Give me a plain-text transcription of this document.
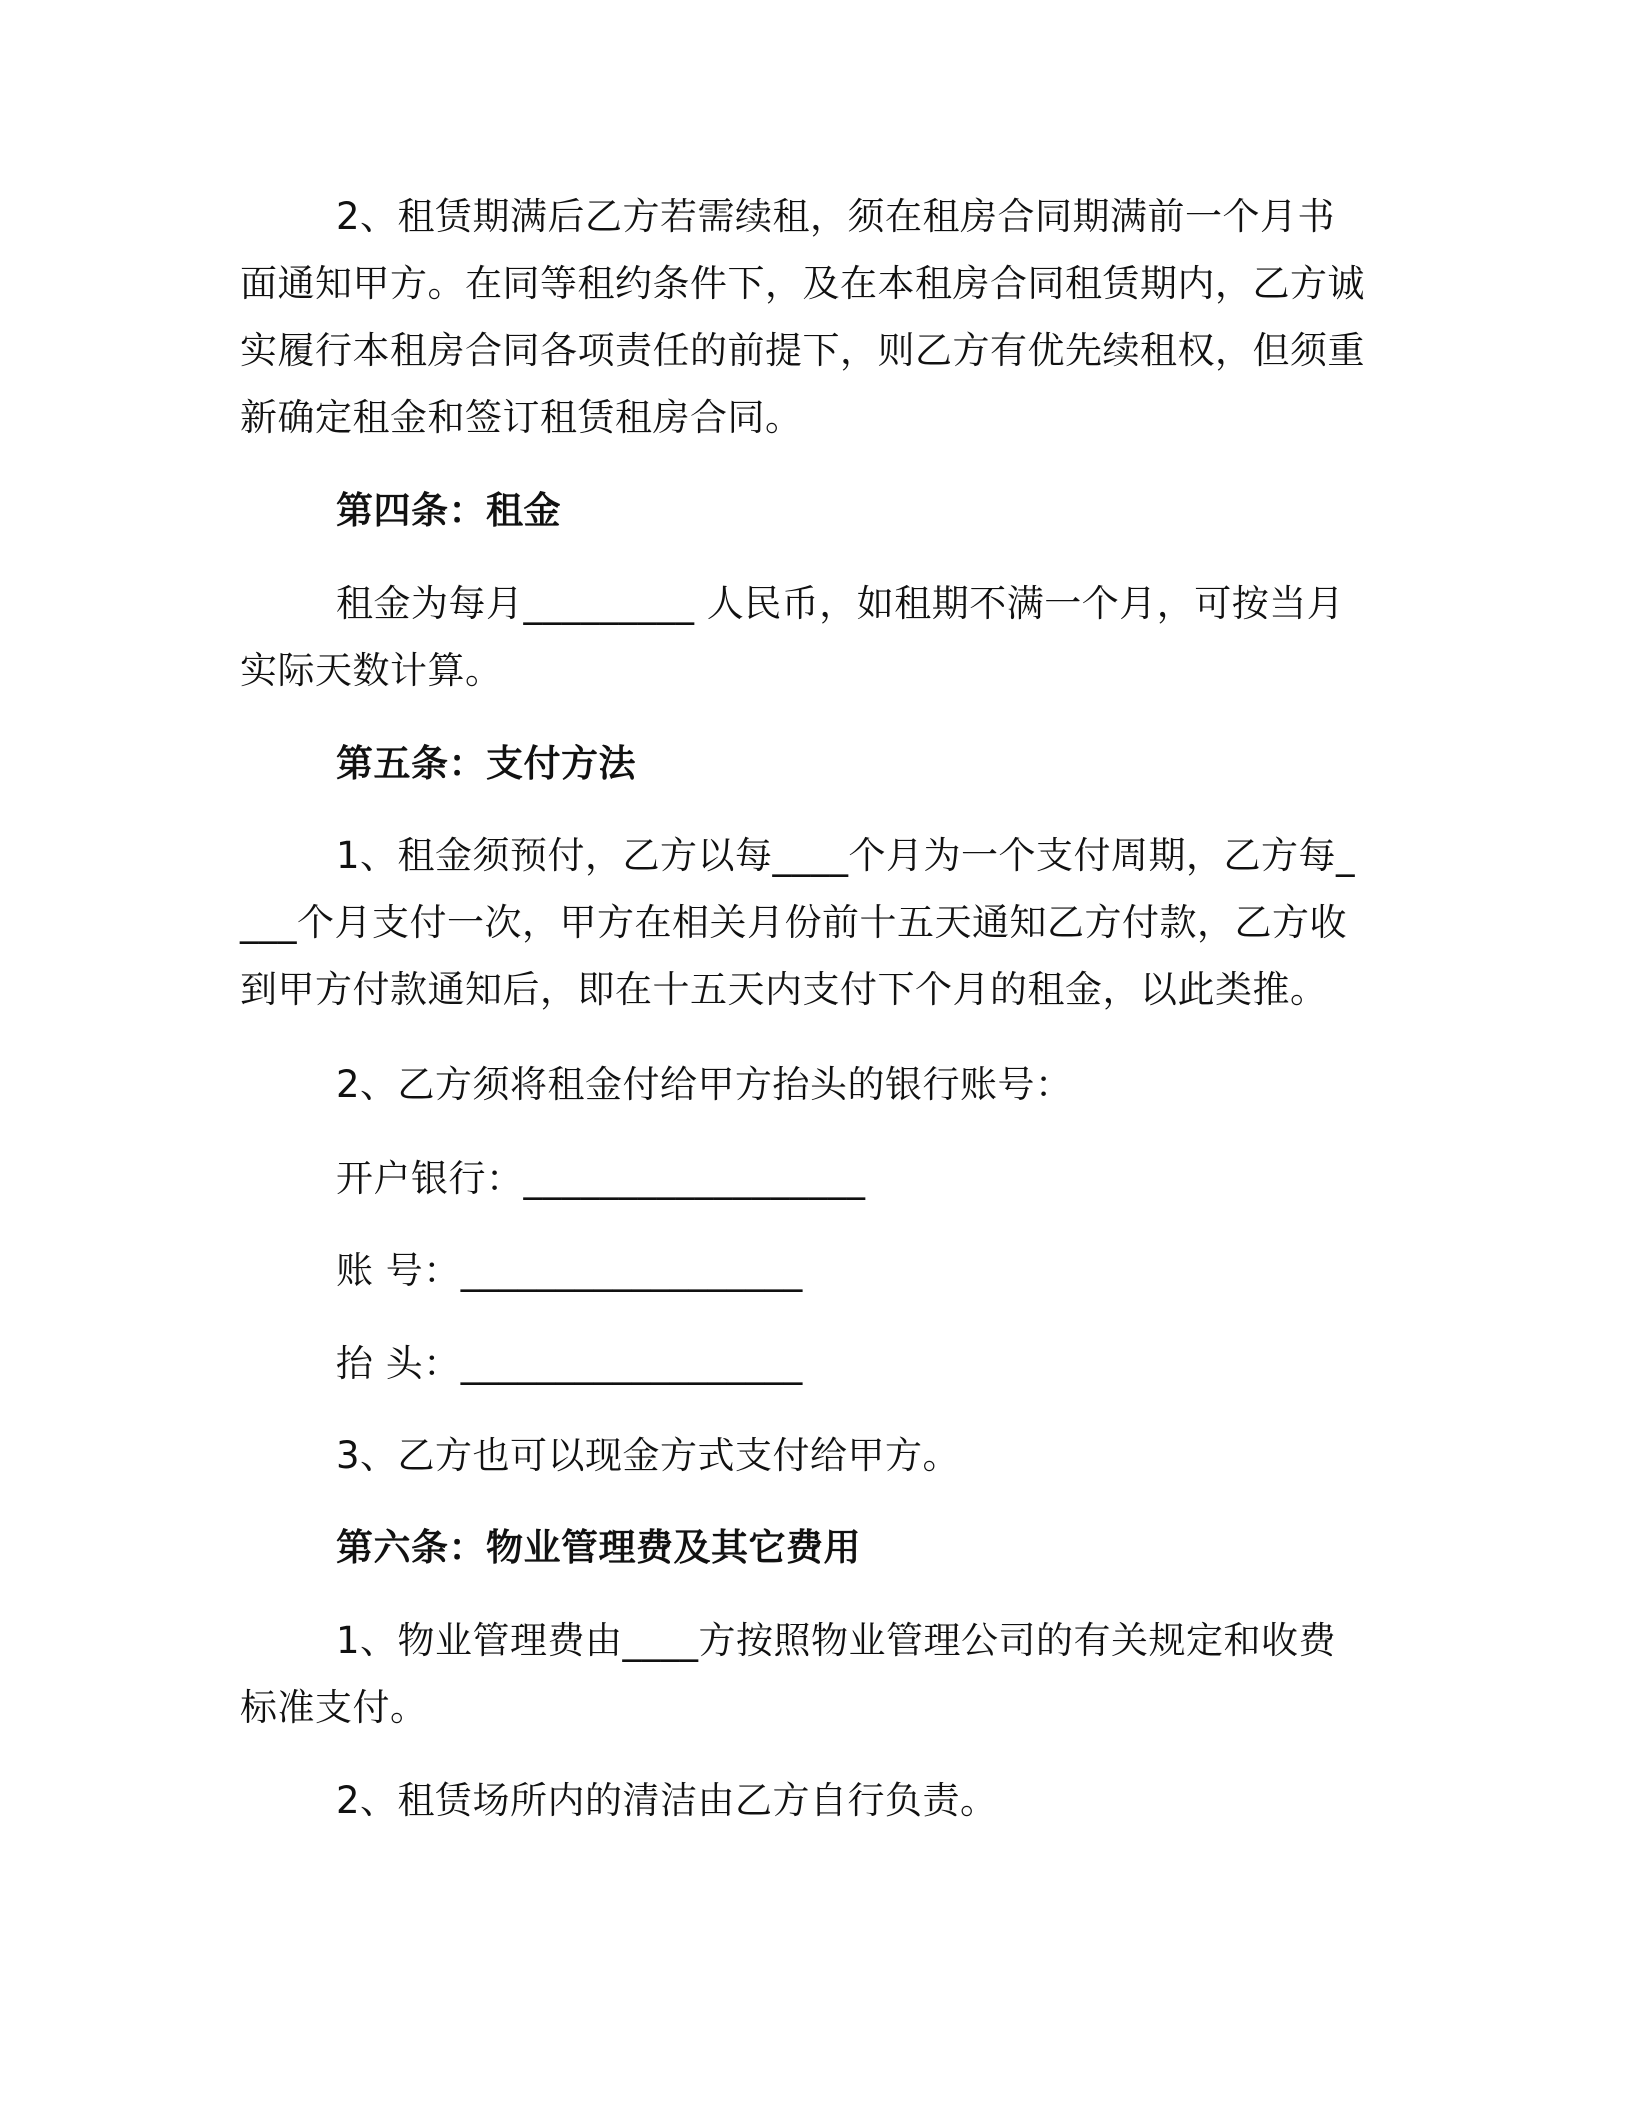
2、租赁期满后乙方若需续租，须在租房合同期满前一个月书面通知甲方。在同等租约条件下，及在本租房合同租赁期内，乙方诚实履行本租房合同各项责任的前提下，则乙方有优先续租权，但须重新确定租金和签订租赁租房合同。
第四条：租金
租金为每月_________ 人民币，如租期不满一个月，可按当月实际天数计算。
第五条：支付方法
1、租金须预付，乙方以每____个月为一个支付周期，乙方每____个月支付一次，甲方在相关月份前十五天通知乙方付款，乙方收到甲方付款通知后，即在十五天内支付下个月的租金，以此类推。
2、乙方须将租金付给甲方抬头的银行账号：
开户银行：__________________
账 号：__________________
抬 头：__________________
3、乙方也可以现金方式支付给甲方。
第六条：物业管理费及其它费用
1、物业管理费由____方按照物业管理公司的有关规定和收费标准支付。
2、租赁场所内的清洁由乙方自行负责。
